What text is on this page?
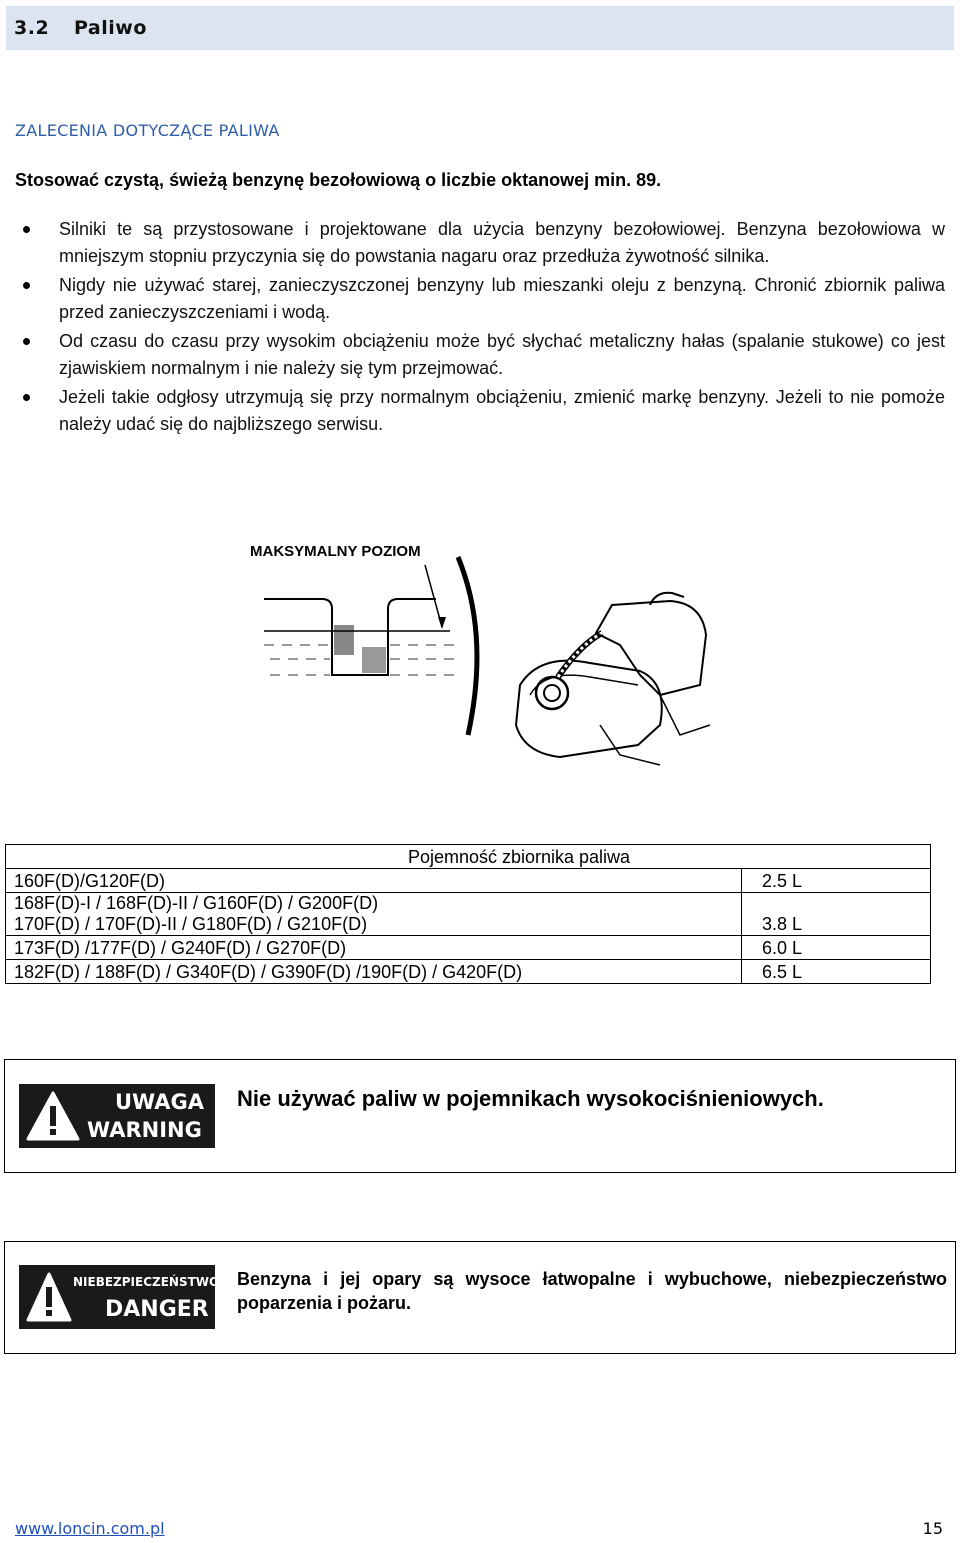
3.2 Paliwo
ZALECENIA DOTYCZĄCE PALIWA
Stosować czystą, świeżą benzynę bezołowiową o liczbie oktanowej min. 89.
Silniki te są przystosowane i projektowane dla użycia benzyny bezołowiowej. Benzyna bezołowiowa w mniejszym stopniu przyczynia się do powstania nagaru oraz przedłuża żywotność silnika.
Nigdy nie używać starej, zanieczyszczonej benzyny lub mieszanki oleju z benzyną. Chronić zbiornik paliwa przed zanieczyszczeniami i wodą.
Od czasu do czasu przy wysokim obciążeniu może być słychać metaliczny hałas (spalanie stukowe) co jest zjawiskiem normalnym i nie należy się tym przejmować.
Jeżeli takie odgłosy utrzymują się przy normalnym obciążeniu, zmienić markę benzyny. Jeżeli to nie pomoże należy udać się do najbliższego serwisu.
MAKSYMALNY POZIOM
Pojemność zbiornika paliwa	
160F(D)/G120F(D)	2.5 L

168F(D)-I / 168F(D)-II / G160F(D) / G200F(D)
170F(D) / 170F(D)-II / G180F(D) / G210F(D)	3.8 L
173F(D) /177F(D) / G240F(D) / G270F(D)	6.0 L
182F(D) / 188F(D) / G340F(D) / G390F(D) /190F(D) / G420F(D)	6.5 L
UWAGA
WARNING
Nie używać paliw w pojemnikach wysokociśnieniowych.
NIEBEZPIECZEŃSTWO
DANGER
Benzyna i jej opary są wysoce łatwopalne i wybuchowe, niebezpieczeństwo poparzenia i pożaru.
www.loncin.com.pl	15
